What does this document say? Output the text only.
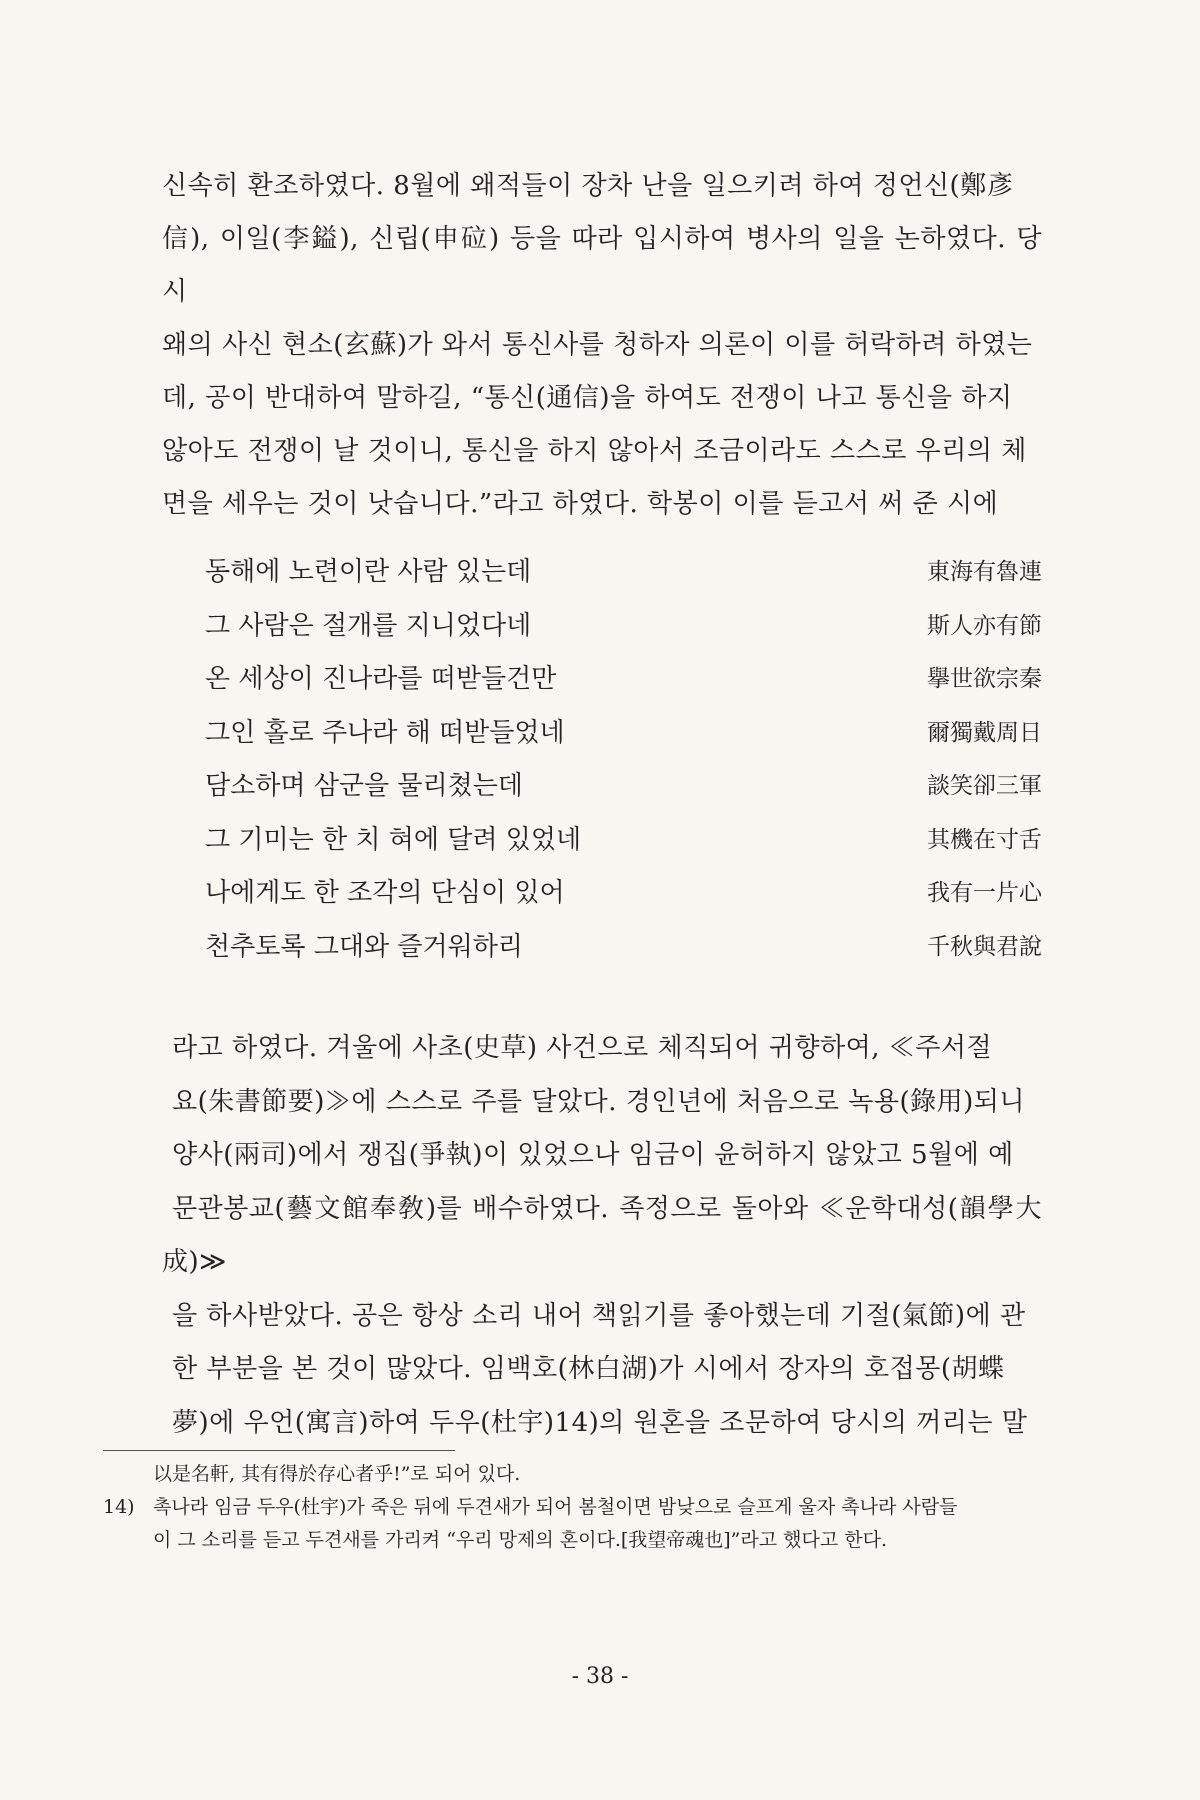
신속히 환조하였다. 8월에 왜적들이 장차 난을 일으키려 하여 정언신(鄭彥

信), 이일(李鎰), 신립(申砬) 등을 따라 입시하여 병사의 일을 논하였다. 당시

왜의 사신 현소(玄蘇)가 와서 통신사를 청하자 의론이 이를 허락하려 하였는

데, 공이 반대하여 말하길, “통신(通信)을 하여도 전쟁이 나고 통신을 하지

않아도 전쟁이 날 것이니, 통신을 하지 않아서 조금이라도 스스로 우리의 체

면을 세우는 것이 낫습니다.”라고 하였다. 학봉이 이를 듣고서 써 준 시에

동해에 노련이란 사람 있는데	東海有魯連
그 사람은 절개를 지니었다네	斯人亦有節
온 세상이 진나라를 떠받들건만	擧世欲宗秦
그인 홀로 주나라 해 떠받들었네	爾獨戴周日
담소하며 삼군을 물리쳤는데	談笑卻三軍
그 기미는 한 치 혀에 달려 있었네	其機在寸舌
나에게도 한 조각의 단심이 있어	我有一片心
천추토록 그대와 즐거워하리	千秋與君說

라고 하였다. 겨울에 사초(史草) 사건으로 체직되어 귀향하여, ≪주서절

요(朱書節要)≫에 스스로 주를 달았다. 경인년에 처음으로 녹용(錄用)되니

양사(兩司)에서 쟁집(爭執)이 있었으나 임금이 윤허하지 않았고 5월에 예

문관봉교(藝文館奉敎)를 배수하였다. 족정으로 돌아와 ≪운학대성(韻學大成)≫

을 하사받았다. 공은 항상 소리 내어 책읽기를 좋아했는데 기절(氣節)에 관

한 부분을 본 것이 많았다. 임백호(林白湖)가 시에서 장자의 호접몽(胡蝶

夢)에 우언(寓言)하여 두우(杜宇)14)의 원혼을 조문하여 당시의 꺼리는 말

以是名軒, 其有得於存心者乎!”로 되어 있다.
14) 촉나라 임금 두우(杜宇)가 죽은 뒤에 두견새가 되어 봄철이면 밤낮으로 슬프게 울자 촉나라 사람들
이 그 소리를 듣고 두견새를 가리켜 “우리 망제의 혼이다.[我望帝魂也]”라고 했다고 한다.
- 38 -
